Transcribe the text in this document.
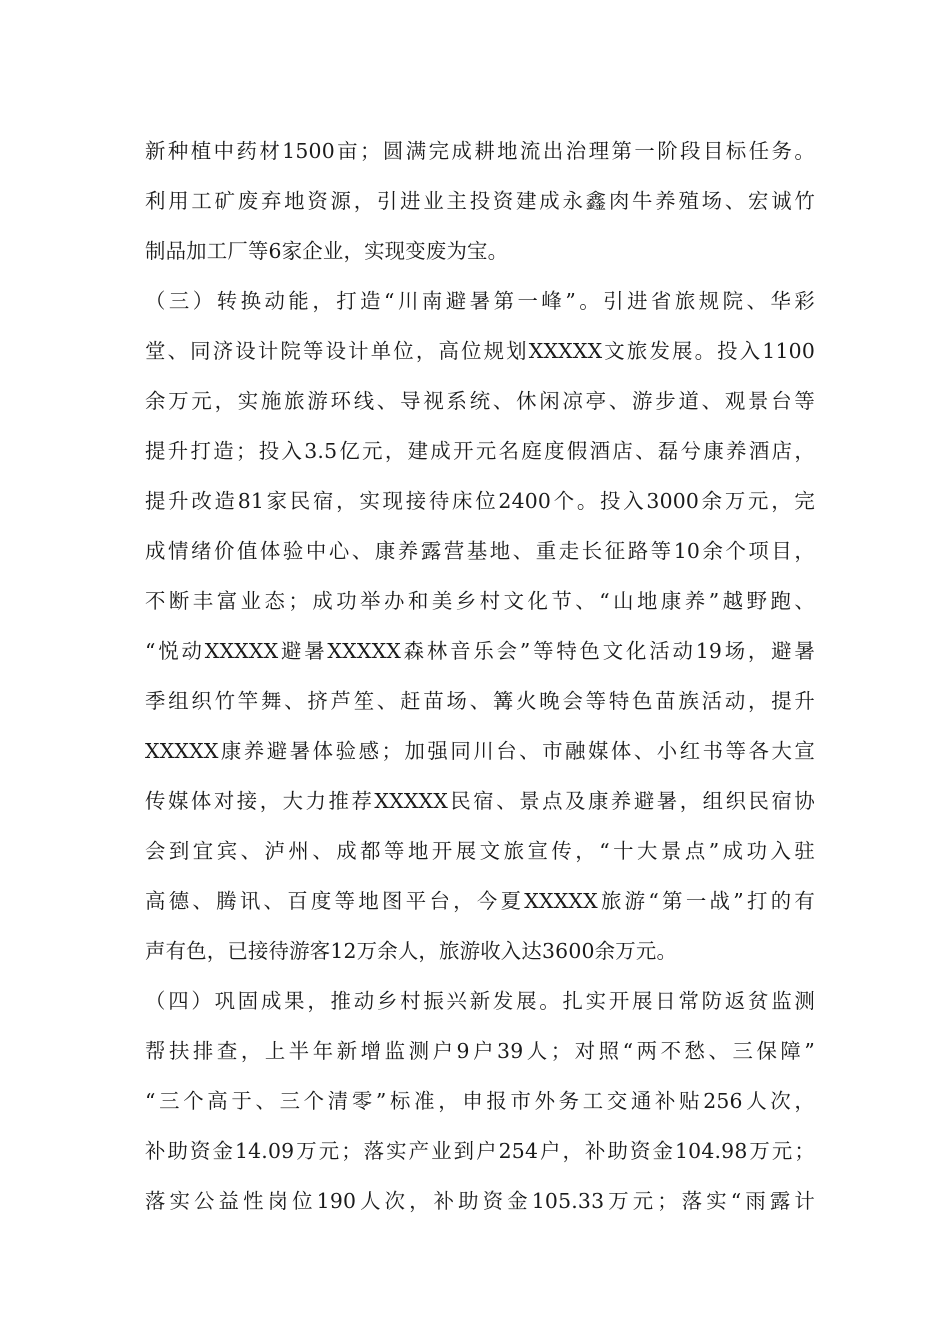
新种植中药材1500亩；圆满完成耕地流出治理第一阶段目标任务。
利用工矿废弃地资源，引进业主投资建成永鑫肉牛养殖场、宏诚竹
制品加工厂等6家企业，实现变废为宝。
（三）转换动能，打造“川南避暑第一峰”。引进省旅规院、华彩
堂、同济设计院等设计单位，高位规划XXXXX文旅发展。投入1100
余万元，实施旅游环线、导视系统、休闲凉亭、游步道、观景台等
提升打造；投入3.5亿元，建成开元名庭度假酒店、磊兮康养酒店，
提升改造81家民宿，实现接待床位2400个。投入3000余万元，完
成情绪价值体验中心、康养露营基地、重走长征路等10余个项目，
不断丰富业态；成功举办和美乡村文化节、“山地康养”越野跑、
“悦动XXXXX避暑XXXXX森林音乐会”等特色文化活动19场，避暑
季组织竹竿舞、挤芦笙、赶苗场、篝火晚会等特色苗族活动，提升
XXXXX康养避暑体验感；加强同川台、市融媒体、小红书等各大宣
传媒体对接，大力推荐XXXXX民宿、景点及康养避暑，组织民宿协
会到宜宾、泸州、成都等地开展文旅宣传，“十大景点”成功入驻
高德、腾讯、百度等地图平台，今夏XXXXX旅游“第一战”打的有
声有色，已接待游客12万余人，旅游收入达3600余万元。
（四）巩固成果，推动乡村振兴新发展。扎实开展日常防返贫监测
帮扶排查，上半年新增监测户9户39人；对照“两不愁、三保障”
“三个高于、三个清零”标准，申报市外务工交通补贴256人次，
补助资金14.09万元；落实产业到户254户，补助资金104.98万元；
落实公益性岗位190人次，补助资金105.33万元；落实“雨露计
